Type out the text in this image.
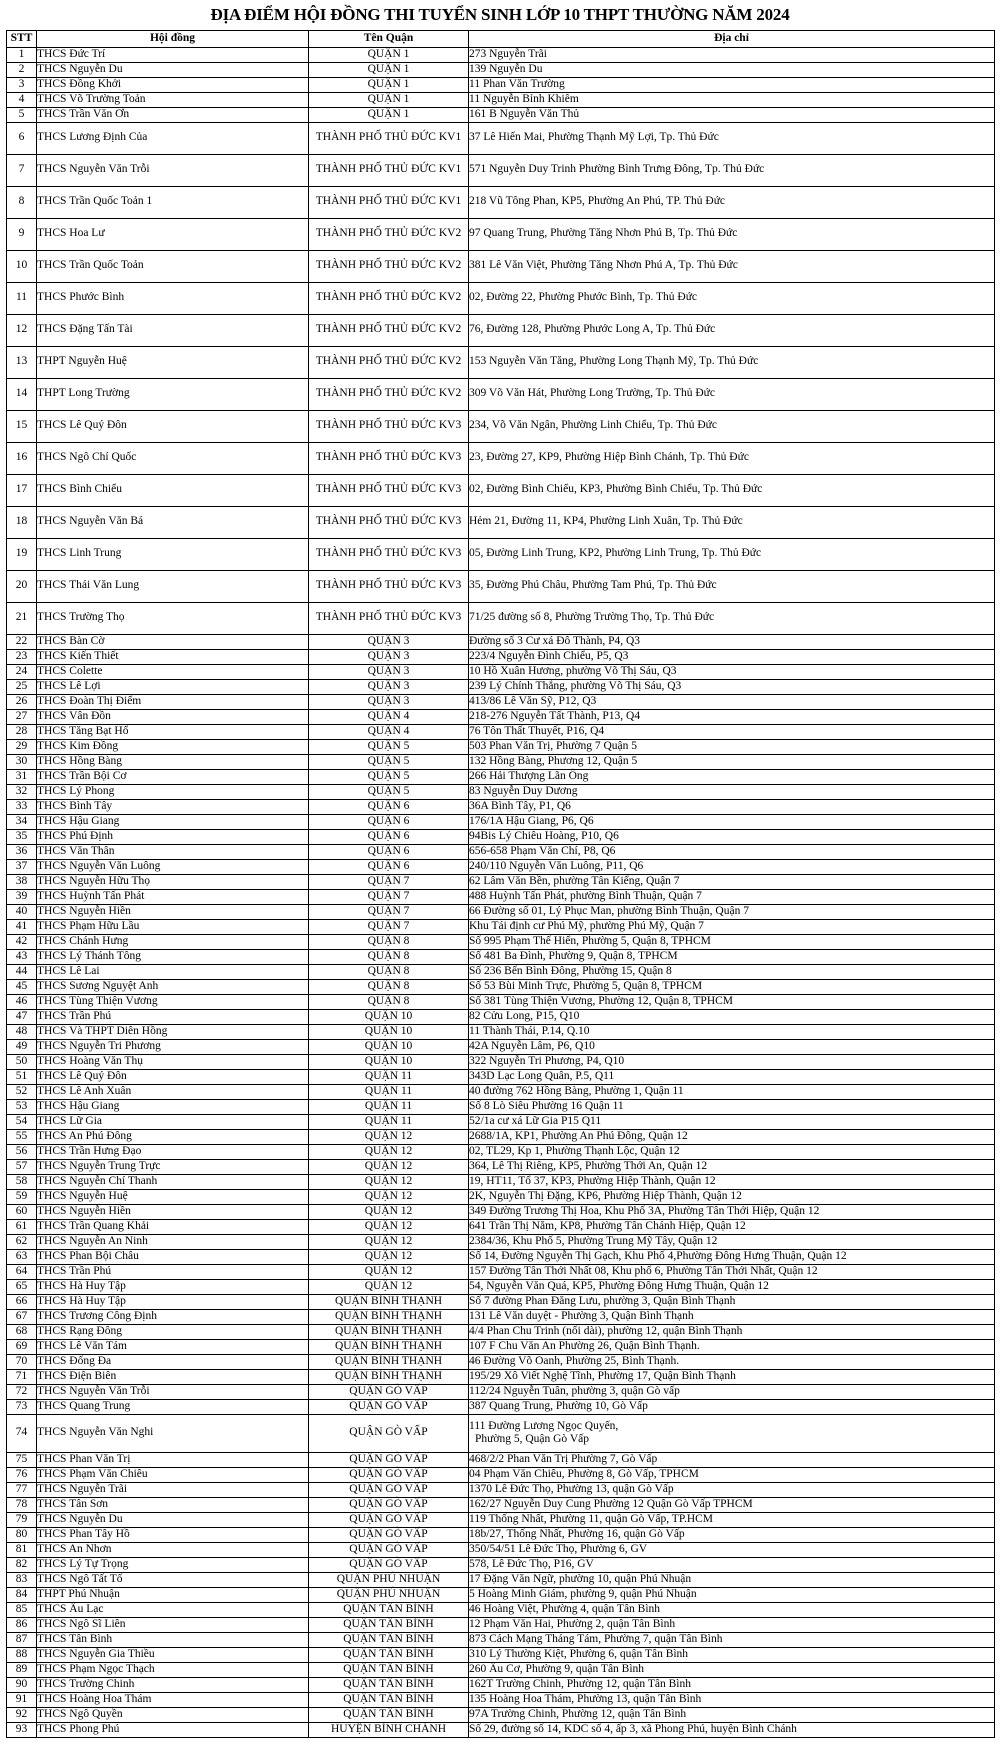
ĐỊA ĐIỂM HỘI ĐỒNG THI TUYỂN SINH LỚP 10 THPT THƯỜNG NĂM 2024
STT	Hội đồng	Tên Quận	Địa chỉ
1	THCS Đức Trí	QUẬN 1	273 Nguyễn Trãi
2	THCS Nguyễn Du	QUẬN 1	139 Nguyễn Du
3	THCS Đồng Khởi	QUẬN 1	11 Phan Văn Trường
4	THCS Võ Trường Toản	QUẬN 1	11 Nguyễn Bỉnh Khiêm
5	THCS Trần Văn Ơn	QUẬN 1	161 B Nguyễn Văn Thủ
6	THCS Lương Định Của	THÀNH PHỐ THỦ ĐỨC KV1	37 Lê Hiến Mai, Phường Thạnh Mỹ Lợi, Tp. Thủ Đức
7	THCS Nguyễn Văn Trỗi	THÀNH PHỐ THỦ ĐỨC KV1	571 Nguyễn Duy Trinh Phường Bình Trưng Đông, Tp. Thủ Đức
8	THCS Trần Quốc Toản 1	THÀNH PHỐ THỦ ĐỨC KV1	218 Vũ Tông Phan, KP5, Phường An Phú, TP. Thủ Đức
9	THCS Hoa Lư	THÀNH PHỐ THỦ ĐỨC KV2	97 Quang Trung, Phường Tăng Nhơn Phú B, Tp. Thủ Đức
10	THCS Trần Quốc Toản	THÀNH PHỐ THỦ ĐỨC KV2	381 Lê Văn Việt, Phường Tăng Nhơn Phú A, Tp. Thủ Đức
11	THCS Phước Bình	THÀNH PHỐ THỦ ĐỨC KV2	02, Đường 22, Phường Phước Bình, Tp. Thủ Đức
12	THCS Đặng Tấn Tài	THÀNH PHỐ THỦ ĐỨC KV2	76, Đường 128, Phường Phước Long A, Tp. Thủ Đức
13	THPT Nguyễn Huệ	THÀNH PHỐ THỦ ĐỨC KV2	153 Nguyễn Văn Tăng, Phường Long Thạnh Mỹ, Tp. Thủ Đức
14	THPT Long Trường	THÀNH PHỐ THỦ ĐỨC KV2	309 Võ Văn Hát, Phường Long Trường, Tp. Thủ Đức
15	THCS Lê Quý Đôn	THÀNH PHỐ THỦ ĐỨC KV3	234, Võ Văn Ngân, Phường Linh Chiểu, Tp. Thủ Đức
16	THCS Ngô Chí Quốc	THÀNH PHỐ THỦ ĐỨC KV3	23, Đường 27, KP9, Phường Hiệp Bình Chánh, Tp. Thủ Đức
17	THCS Bình Chiểu	THÀNH PHỐ THỦ ĐỨC KV3	02, Đường Bình Chiểu, KP3, Phường Bình Chiểu, Tp. Thủ Đức
18	THCS Nguyễn Văn Bá	THÀNH PHỐ THỦ ĐỨC KV3	Hẻm 21, Đường 11, KP4, Phường Linh Xuân, Tp. Thủ Đức
19	THCS Linh Trung	THÀNH PHỐ THỦ ĐỨC KV3	05, Đường Linh Trung, KP2, Phường Linh Trung, Tp. Thủ Đức
20	THCS Thái Văn Lung	THÀNH PHỐ THỦ ĐỨC KV3	35, Đường Phú Châu, Phường Tam Phú, Tp. Thủ Đức
21	THCS Trường Thọ	THÀNH PHỐ THỦ ĐỨC KV3	71/25 đường số 8, Phường Trường Thọ, Tp. Thủ Đức
22	THCS Bàn Cờ	QUẬN 3	Đường số 3 Cư xá Đô Thành, P4, Q3
23	THCS Kiến Thiết	QUẬN 3	223/4 Nguyễn Đình Chiểu, P5, Q3
24	THCS Colette	QUẬN 3	10 Hồ Xuân Hương, phường Võ Thị Sáu, Q3
25	THCS Lê Lợi	QUẬN 3	239 Lý Chính Thắng, phường Võ Thị Sáu, Q3
26	THCS Đoàn Thị Điểm	QUẬN 3	413/86 Lê Văn Sỹ, P12, Q3
27	THCS Vân Đồn	QUẬN 4	218-276 Nguyễn Tất Thành, P13, Q4
28	THCS Tăng Bạt Hổ	QUẬN 4	76 Tôn Thất Thuyết, P16, Q4
29	THCS Kim Đồng	QUẬN 5	503 Phan Văn Trị, Phường 7 Quận 5
30	THCS Hồng Bàng	QUẬN 5	132 Hồng Bàng, Phương 12, Quận 5
31	THCS Trần Bội Cơ	QUẬN 5	266 Hải Thượng Lãn Ông
32	THCS Lý Phong	QUẬN 5	83 Nguyễn Duy Dương
33	THCS Bình Tây	QUẬN 6	36A Bình Tây, P1, Q6
34	THCS Hậu Giang	QUẬN 6	176/1A Hậu Giang, P6, Q6
35	THCS Phú Định	QUẬN 6	94Bis Lý Chiêu Hoàng, P10, Q6
36	THCS Văn Thân	QUẬN 6	656-658 Phạm Văn Chí, P8, Q6
37	THCS Nguyễn Văn Luông	QUẬN 6	240/110 Nguyễn Văn Luông, P11, Q6
38	THCS Nguyễn Hữu Thọ	QUẬN 7	62 Lâm Văn Bền, phường Tân Kiểng, Quận 7
39	THCS Huỳnh Tấn Phát	QUẬN 7	488 Huỳnh Tấn Phát, phường Bình Thuận, Quận 7
40	THCS Nguyễn Hiền	QUẬN 7	66 Đường số 01, Lý Phục Man, phường Bình Thuận, Quận 7
41	THCS Phạm Hữu Lầu	QUẬN 7	Khu Tái định cư Phú Mỹ, phường Phú Mỹ, Quận 7
42	THCS Chánh Hưng	QUẬN 8	Số 995 Phạm Thế Hiển, Phường 5, Quận 8, TPHCM
43	THCS Lý Thánh Tông	QUẬN 8	Số 481 Ba Đình, Phường 9, Quận 8, TPHCM
44	THCS Lê Lai	QUẬN 8	Số 236 Bến Bình Đông, Phường 15, Quận 8
45	THCS Sương Nguyệt Anh	QUẬN 8	Số 53 Bùi Minh Trực, Phường 5, Quận 8, TPHCM
46	THCS Tùng Thiện Vương	QUẬN 8	Số 381 Tùng Thiện Vương, Phường 12, Quận 8, TPHCM
47	THCS Trần Phú	QUẬN 10	82 Cửu Long, P15, Q10
48	THCS Và THPT Diên Hồng	QUẬN 10	11 Thành Thái, P.14, Q.10
49	THCS Nguyễn Tri Phương	QUẬN 10	42A Nguyễn Lâm, P6, Q10
50	THCS Hoàng Văn Thụ	QUẬN 10	322 Nguyễn Tri Phương, P4, Q10
51	THCS Lê Quý Đôn	QUẬN 11	343D Lạc Long Quân, P.5, Q11
52	THCS Lê Anh Xuân	QUẬN 11	40 đường 762 Hồng Bàng, Phường 1, Quận 11
53	THCS Hậu Giang	QUẬN 11	Số 8 Lò Siêu Phường 16 Quận 11
54	THCS Lữ Gia	QUẬN 11	52/1a cư xá Lữ Gia P15 Q11
55	THCS An Phú Đông	QUẬN 12	2688/1A, KP1, Phường An Phú Đông, Quận 12
56	THCS Trần Hưng Đạo	QUẬN 12	02, TL29, Kp 1, Phường Thạnh Lộc, Quận 12
57	THCS Nguyễn Trung Trực	QUẬN 12	364, Lê Thị Riêng, KP5, Phường Thới An, Quận 12
58	THCS Nguyễn Chí Thanh	QUẬN 12	19, HT11, Tổ 37, KP3, Phường Hiệp Thành, Quận 12
59	THCS Nguyễn Huệ	QUẬN 12	2K, Nguyễn Thị Đặng, KP6, Phường Hiệp Thành, Quận 12
60	THCS Nguyễn Hiền	QUẬN 12	349 Đường Trương Thị Hoa, Khu Phố 3A, Phường Tân Thới Hiệp, Quận 12
61	THCS Trần Quang Khải	QUẬN 12	641 Trần Thị Năm, KP8, Phường Tân Chánh Hiệp, Quận 12
62	THCS Nguyễn An Ninh	QUẬN 12	2384/36, Khu Phố 5, Phường Trung Mỹ Tây, Quận 12
63	THCS Phan Bội Châu	QUẬN 12	Số 14, Đường Nguyễn Thị Gạch, Khu Phố 4,Phường Đông Hưng Thuận, Quận 12
64	THCS Trần Phú	QUẬN 12	157 Đường Tân Thới Nhất 08, Khu phố 6, Phường Tân Thới Nhất, Quận 12
65	THCS Hà Huy Tập	QUẬN 12	54, Nguyễn Văn Quá, KP5, Phường Đông Hưng Thuận, Quận 12
66	THCS Hà Huy Tập	QUẬN BÌNH THẠNH	Số 7 đường Phan Đăng Lưu, phường 3, Quận Bình Thạnh
67	THCS Trương Công Định	QUẬN BÌNH THẠNH	131 Lê Văn duyệt - Phường 3, Quận Bình Thạnh
68	THCS Rạng Đông	QUẬN BÌNH THẠNH	4/4 Phan Chu Trinh (nối dài), phường 12, quận Bình Thạnh
69	THCS Lê Văn Tám	QUẬN BÌNH THẠNH	107 F Chu Văn An Phường 26, Quận Bình Thạnh.
70	THCS Đống Đa	QUẬN BÌNH THẠNH	46 Đường Võ Oanh, Phường 25, Bình Thạnh.
71	THCS Điện Biên	QUẬN BÌNH THẠNH	195/29 Xô Viết Nghệ Tĩnh, Phường 17, Quận Bình Thạnh
72	THCS Nguyễn Văn Trỗi	QUẬN GÒ VẤP	112/24 Nguyễn Tuân, phường 3, quận Gò vấp
73	THCS Quang Trung	QUẬN GÒ VẤP	387 Quang Trung, Phường 10, Gò Vấp
74	THCS Nguyễn Văn Nghi	QUẬN GÒ VẤP	111 Đường Lương Ngọc Quyến,
Phường 5, Quận Gò Vấp

75	THCS Phan Văn Trị	QUẬN GÒ VẤP	468/2/2 Phan Văn Trị Phường 7, Gò Vấp
76	THCS Phạm Văn Chiêu	QUẬN GÒ VẤP	04 Phạm Văn Chiêu, Phường 8, Gò Vấp, TPHCM
77	THCS Nguyễn Trãi	QUẬN GÒ VẤP	1370 Lê Đức Thọ, Phường 13, quận Gò Vấp
78	THCS Tân Sơn	QUẬN GÒ VẤP	162/27 Nguyễn Duy Cung Phường 12 Quận Gò Vấp TPHCM
79	THCS Nguyễn Du	QUẬN GÒ VẤP	119 Thống Nhất, Phường 11, quận Gò Vấp, TP.HCM
80	THCS Phan Tây Hồ	QUẬN GÒ VẤP	18b/27, Thống Nhất, Phường 16, quận Gò Vấp
81	THCS An Nhơn	QUẬN GÒ VẤP	350/54/51 Lê Đức Thọ, Phường 6, GV
82	THCS Lý Tự Trọng	QUẬN GÒ VẤP	578, Lê Đức Thọ, P16, GV
83	THCS Ngô Tất Tố	QUẬN PHÚ NHUẬN	17 Đặng Văn Ngữ, phường 10, quận Phú Nhuận
84	THPT Phú Nhuận	QUẬN PHÚ NHUẬN	5 Hoàng Minh Giám, phường 9, quận Phú Nhuận
85	THCS Âu Lạc	QUẬN TÂN BÌNH	46 Hoàng Việt, Phường 4, quận Tân Bình
86	THCS Ngô Sĩ Liên	QUẬN TÂN BÌNH	12 Phạm Văn Hai, Phường 2, quận Tân Bình
87	THCS Tân Bình	QUẬN TÂN BÌNH	873 Cách Mạng Tháng Tám, Phường 7, quận Tân Bình
88	THCS Nguyễn Gia Thiều	QUẬN TÂN BÌNH	310 Lý Thường Kiệt, Phường 6, quận Tân Bình
89	THCS Phạm Ngọc Thạch	QUẬN TÂN BÌNH	260 Âu Cơ, Phường 9, quận Tân Bình
90	THCS Trường Chinh	QUẬN TÂN BÌNH	162T Trường Chinh, Phường 12, quận Tân Bình
91	THCS Hoàng Hoa Thám	QUẬN TÂN BÌNH	135 Hoàng Hoa Thám, Phường 13, quận Tân Bình
92	THCS Ngô Quyền	QUẬN TÂN BÌNH	97A Trường Chinh, Phường 12, quận Tân Bình
93	THCS Phong Phú	HUYỆN BÌNH CHÁNH	Số 29, đường số 14, KDC số 4, ấp 3, xã Phong Phú, huyện Bình Chánh
